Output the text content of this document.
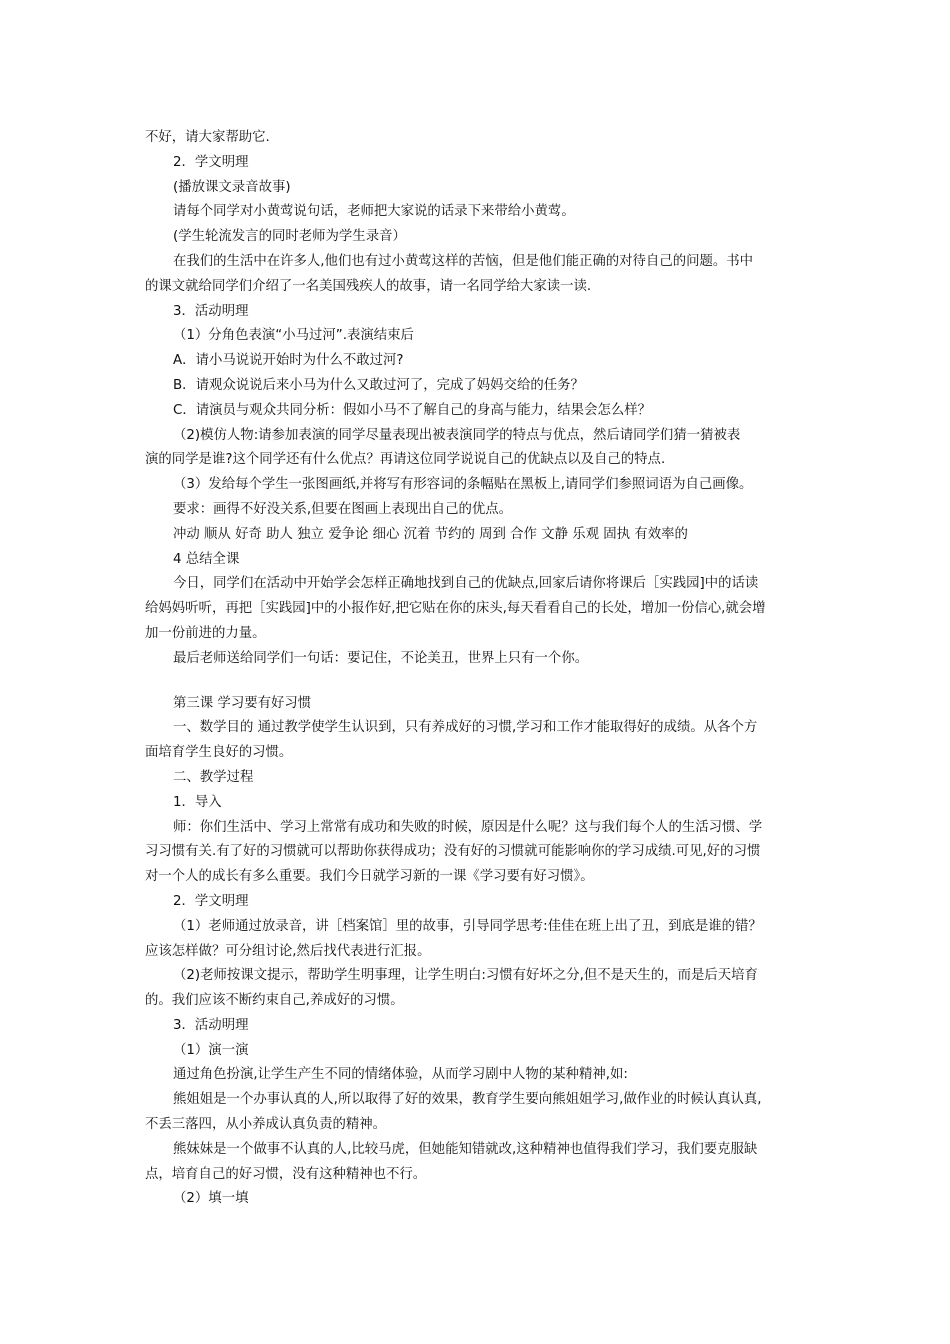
不好，请大家帮助它.
2．学文明理
(播放课文录音故事)
请每个同学对小黄莺说句话，老师把大家说的话录下来带给小黄莺。
(学生轮流发言的同时老师为学生录音）
在我们的生活中在许多人,他们也有过小黄莺这样的苦恼，但是他们能正确的对待自己的问题。书中
的课文就给同学们介绍了一名美国残疾人的故事，请一名同学给大家读一读.
3．活动明理
（1）分角色表演“小马过河”.表演结束后
A．请小马说说开始时为什么不敢过河?
B．请观众说说后来小马为什么又敢过河了，完成了妈妈交给的任务？
C．请演员与观众共同分析：假如小马不了解自己的身高与能力，结果会怎么样？
（2)模仿人物:请参加表演的同学尽量表现出被表演同学的特点与优点，然后请同学们猜一猜被表
演的同学是谁?这个同学还有什么优点？再请这位同学说说自己的优缺点以及自己的特点.
（3）发给每个学生一张图画纸,并将写有形容词的条幅贴在黑板上,请同学们参照词语为自己画像。
要求：画得不好没关系,但要在图画上表现出自己的优点。
冲动 顺从 好奇 助人 独立 爱争论 细心 沉着 节约的 周到 合作 文静 乐观 固执 有效率的
4 总结全课
今日，同学们在活动中开始学会怎样正确地找到自己的优缺点,回家后请你将课后［实践园]中的话读
给妈妈听听，再把［实践园]中的小报作好,把它贴在你的床头,每天看看自己的长处，增加一份信心,就会增
加一份前进的力量。
最后老师送给同学们一句话：要记住，不论美丑，世界上只有一个你。
第三课 学习要有好习惯
一、数学目的 通过教学使学生认识到，只有养成好的习惯,学习和工作才能取得好的成绩。从各个方
面培育学生良好的习惯。
二、教学过程
1．导入
师：你们生活中、学习上常常有成功和失败的时候，原因是什么呢？这与我们每个人的生活习惯、学
习习惯有关.有了好的习惯就可以帮助你获得成功；没有好的习惯就可能影响你的学习成绩.可见,好的习惯
对一个人的成长有多么重要。我们今日就学习新的一课《学习要有好习惯》。
2．学文明理
（1）老师通过放录音，讲［档案馆］里的故事，引导同学思考:佳佳在班上出了丑，到底是谁的错？
应该怎样做？可分组讨论,然后找代表进行汇报。
（2)老师按课文提示，帮助学生明事理，让学生明白:习惯有好坏之分,但不是天生的，而是后天培育
的。我们应该不断约束自己,养成好的习惯。
3．活动明理
（1）演一演
通过角色扮演,让学生产生不同的情绪体验，从而学习剧中人物的某种精神,如:
熊姐姐是一个办事认真的人,所以取得了好的效果，教育学生要向熊姐姐学习,做作业的时候认真认真,
不丢三落四，从小养成认真负责的精神。
熊妹妹是一个做事不认真的人,比较马虎，但她能知错就改,这种精神也值得我们学习，我们要克服缺
点，培育自己的好习惯，没有这种精神也不行。
（2）填一填
